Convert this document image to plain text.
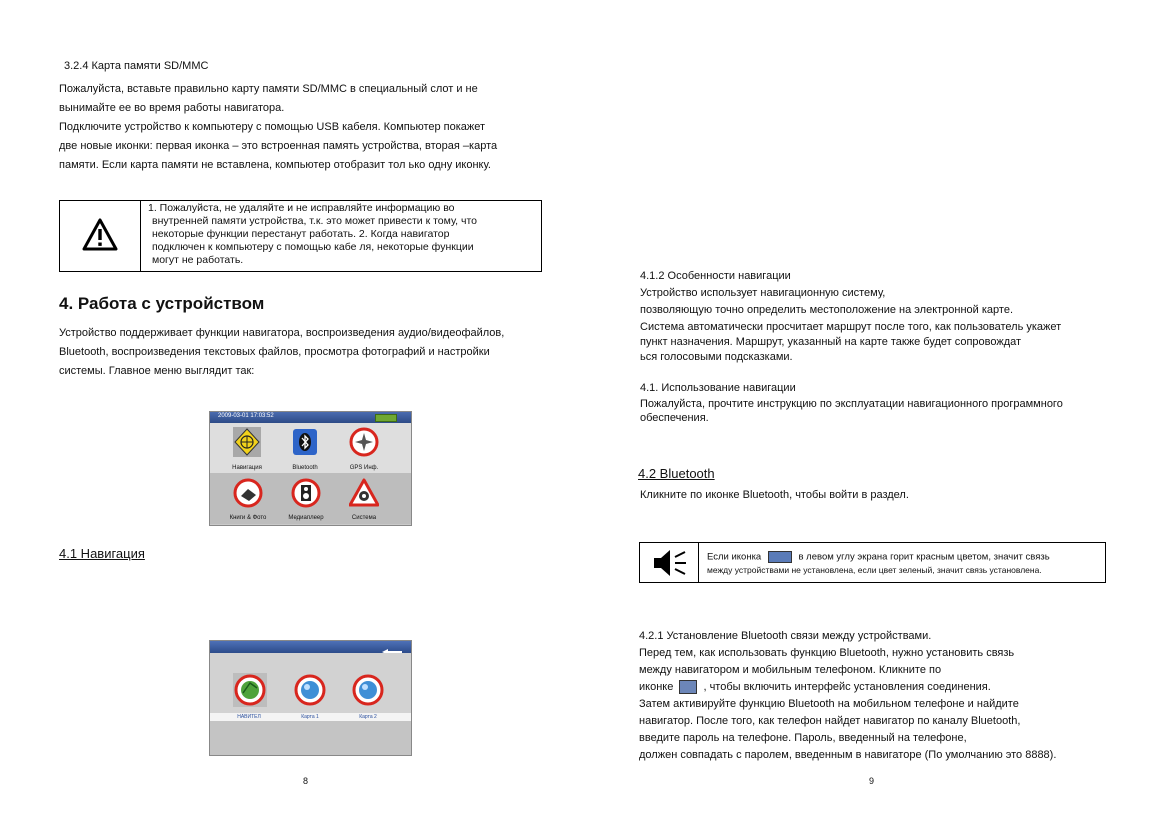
3.2.4 Карта памяти SD/MMC
Пожалуйста, вставьте правильно карту памяти SD/MMC в специальный слот и не
вынимайте ее во время работы навигатора.
Подключите устройство к компьютеру с помощью USB кабеля. Компьютер покажет
две новые иконки: первая иконка – это встроенная память устройства, вторая –карта
памяти. Если карта памяти не вставлена, компьютер отобразит тол ько одну иконку.
1. Пожалуйста, не удаляйте и не исправляйте информацию во
внутренней памяти устройства, т.к. это может привести к тому, что
некоторые функции перестанут работать. 2. Когда навигатор
подключен к компьютеру с помощью кабе ля, некоторые функции
могут не работать.
4. Работа с устройством
Устройство поддерживает функции навигатора, воспроизведения аудио/видеофайлов,
Bluetooth, воспроизведения текстовых файлов, просмотра фотографий и настройки
системы. Главное меню выглядит так:
2009-03-01 17:03:52
Навигация	Bluetooth	GPS Инф.
Книги & Фото	Медиаплеер	Система
4.1 Навигация
НАВИТЕЛ	Карта 1	Карта 2
8
4.1.2 Особенности навигации
Устройство использует навигационную систему,
позволяющую точно определить местоположение на электронной карте.
Система автоматически просчитает маршрут после того, как пользователь укажет
пункт назначения. Маршрут, указанный на карте также будет сопровождат
ься голосовыми подсказками.
4.1. Использование навигации
Пожалуйста, прочтите инструкцию по эксплуатации навигационного программного
обеспечения.
4.2 Bluetooth
Кликните по иконке Bluetooth, чтобы войти в раздел.
Если иконка	в левом углу экрана горит красным цветом, значит связь
между устройствами не установлена, если цвет зеленый, значит связь установлена.
4.2.1 Установление Bluetooth связи между устройствами.
Перед тем, как использовать функцию Bluetooth, нужно установить связь
между навигатором и мобильным телефоном. Кликните по
иконке	, чтобы включить интерфейс установления соединения.
Затем активируйте функцию Bluetooth на мобильном телефоне и найдите
навигатор. После того, как телефон найдет навигатор по каналу Bluetooth,
введите пароль на телефоне. Пароль, введенный на телефоне,
должен совпадать с паролем, введенным в навигаторе (По умолчанию это 8888).
9
